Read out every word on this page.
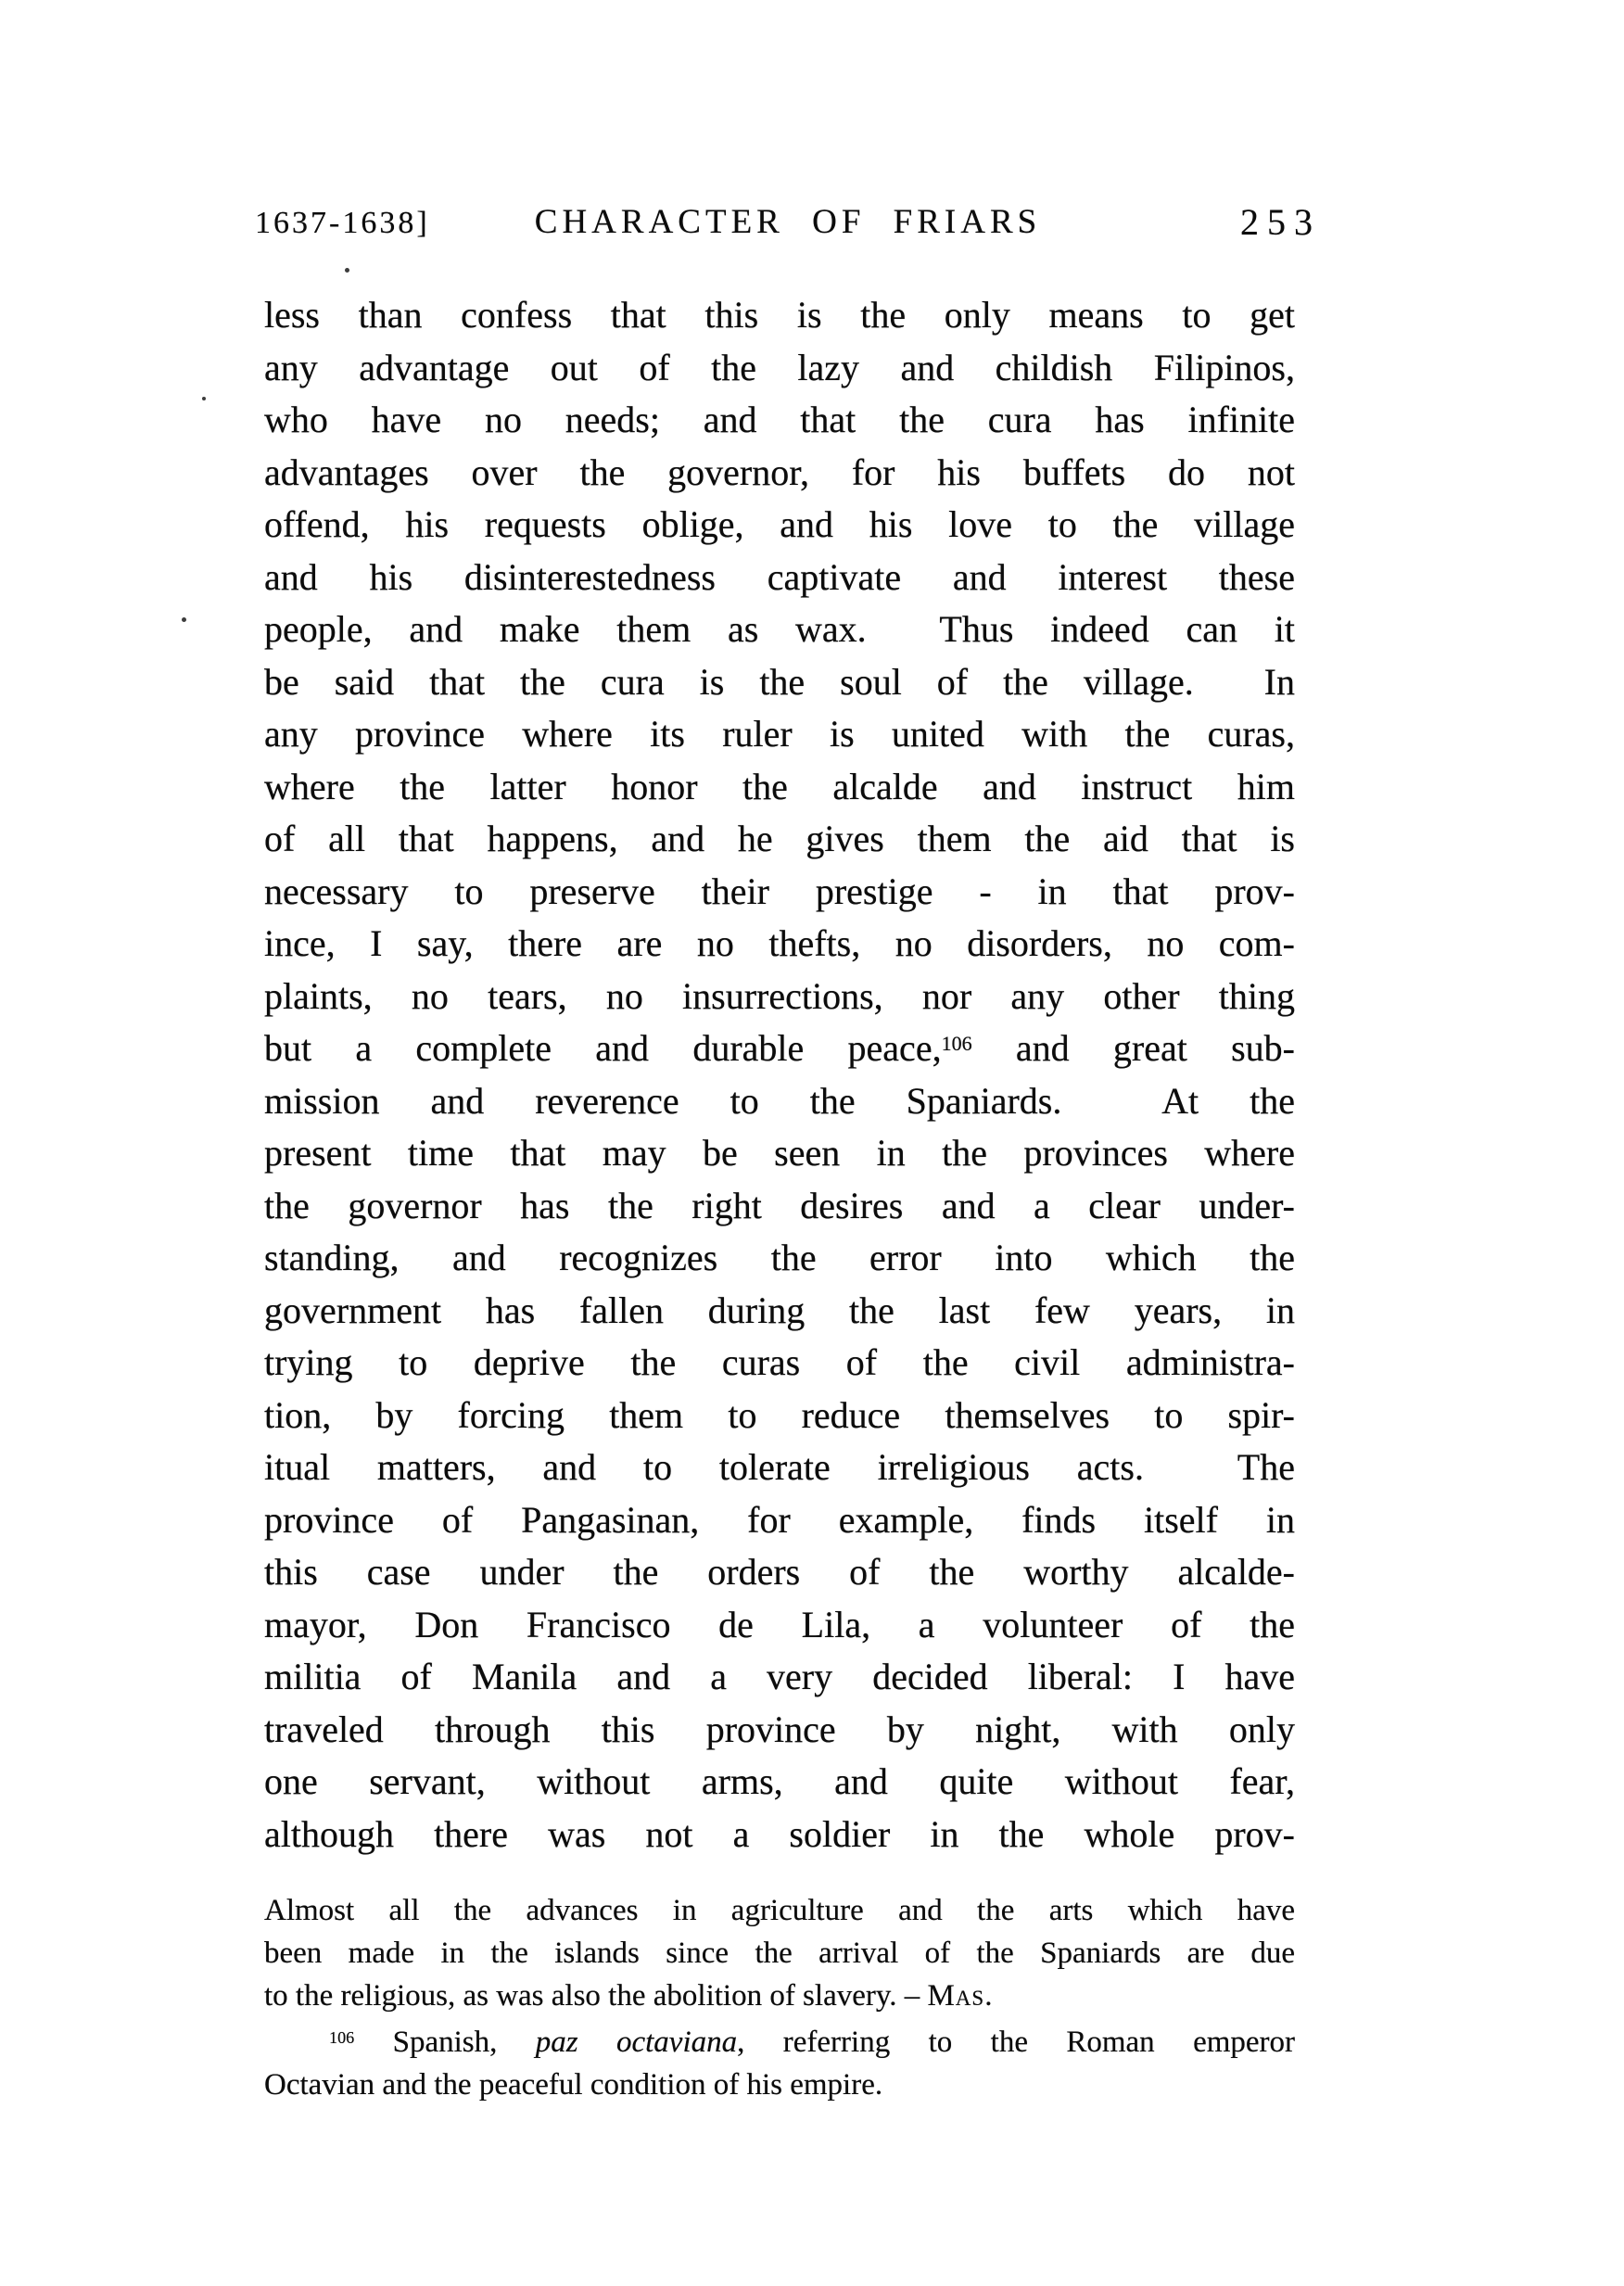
1637-1638]	CHARACTER OF FRIARS	253
less than confess that this is the only means to get
any advantage out of the lazy and childish Filipinos,
who have no needs; and that the cura has infinite
advantages over the governor, for his buffets do not
offend, his requests oblige, and his love to the village
and his disinterestedness captivate and interest these
people, and make them as wax.  Thus indeed can it
be said that the cura is the soul of the village.  In
any province where its ruler is united with the curas,
where the latter honor the alcalde and instruct him
of all that happens, and he gives them the aid that is
necessary to preserve their prestige - in that prov-
ince, I say, there are no thefts, no disorders, no com-
plaints, no tears, no insurrections, nor any other thing
but a complete and durable peace,$^{106}$ and great sub-
mission and reverence to the Spaniards.  At the
present time that may be seen in the provinces where
the governor has the right desires and a clear under-
standing, and recognizes the error into which the
government has fallen during the last few years, in
trying to deprive the curas of the civil administra-
tion, by forcing them to reduce themselves to spir-
itual matters, and to tolerate irreligious acts.  The
province of Pangasinan, for example, finds itself in
this case under the orders of the worthy alcalde-
mayor, Don Francisco de Lila, a volunteer of the
militia of Manila and a very decided liberal: I have
traveled through this province by night, with only
one servant, without arms, and quite without fear,
although there was not a soldier in the whole prov-
Almost all the advances in agriculture and the arts which have
been made in the islands since the arrival of the Spaniards are due
to the religious, as was also the abolition of slavery. – Mas.
$^{106}$ Spanish, paz octaviana, referring to the Roman emperor
Octavian and the peaceful condition of his empire.
